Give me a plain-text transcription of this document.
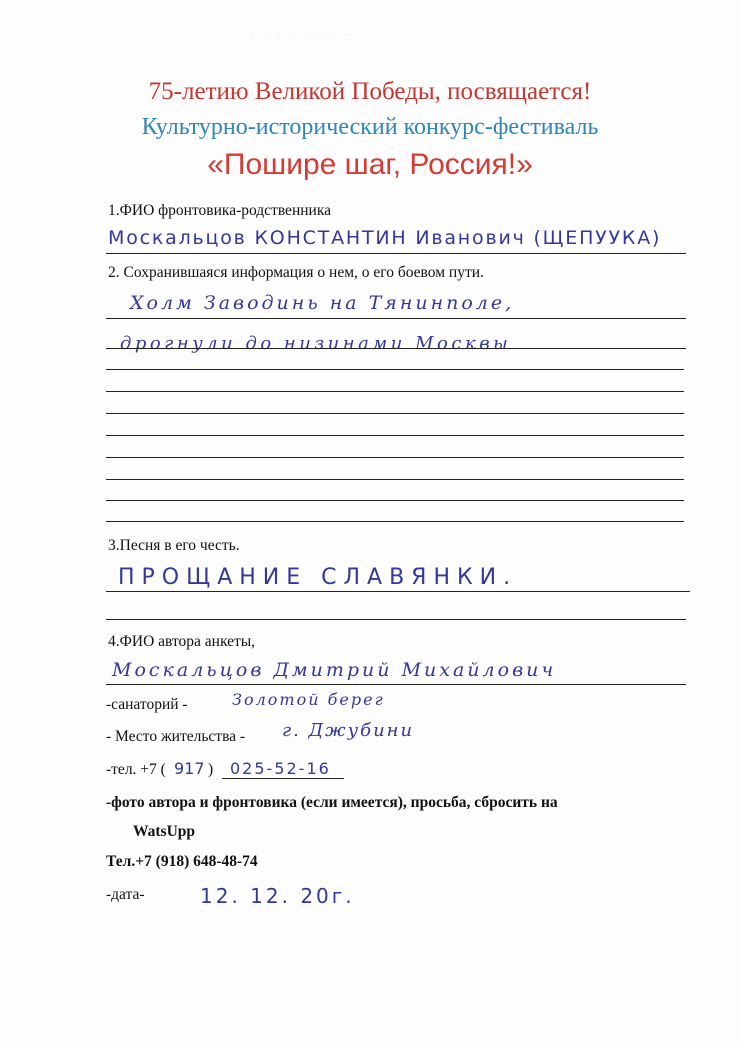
· · · · · · · ·
75-летию Великой Победы, посвящается!
Культурно-исторический конкурс-фестиваль
«Пошире шаг, Россия!»
1.ФИО фронтовика-родственника
Москальцов КОНСТАНТИН Иванович (ЩЕПУУКА)
2. Сохранившаяся информация о нем, о его боевом пути.
Холм Заводинь на Тянинполе,
дрогнули до низинами Москвы
3.Песня в его честь.
ПРОЩАНИЕ СЛАВЯНКИ.
4.ФИО автора анкеты,
Москальцов Дмитрий Михайлович
-санаторий -	Золотой берег
- Место жительства - г. Джубини
-тел. +7 ( 917 ) 025-52-16
-фото автора и фронтовика (если имеется), просьба, сбросить на
WatsUpp
Тел.+7 (918) 648-48-74
-дата-	12. 12. 20г.
